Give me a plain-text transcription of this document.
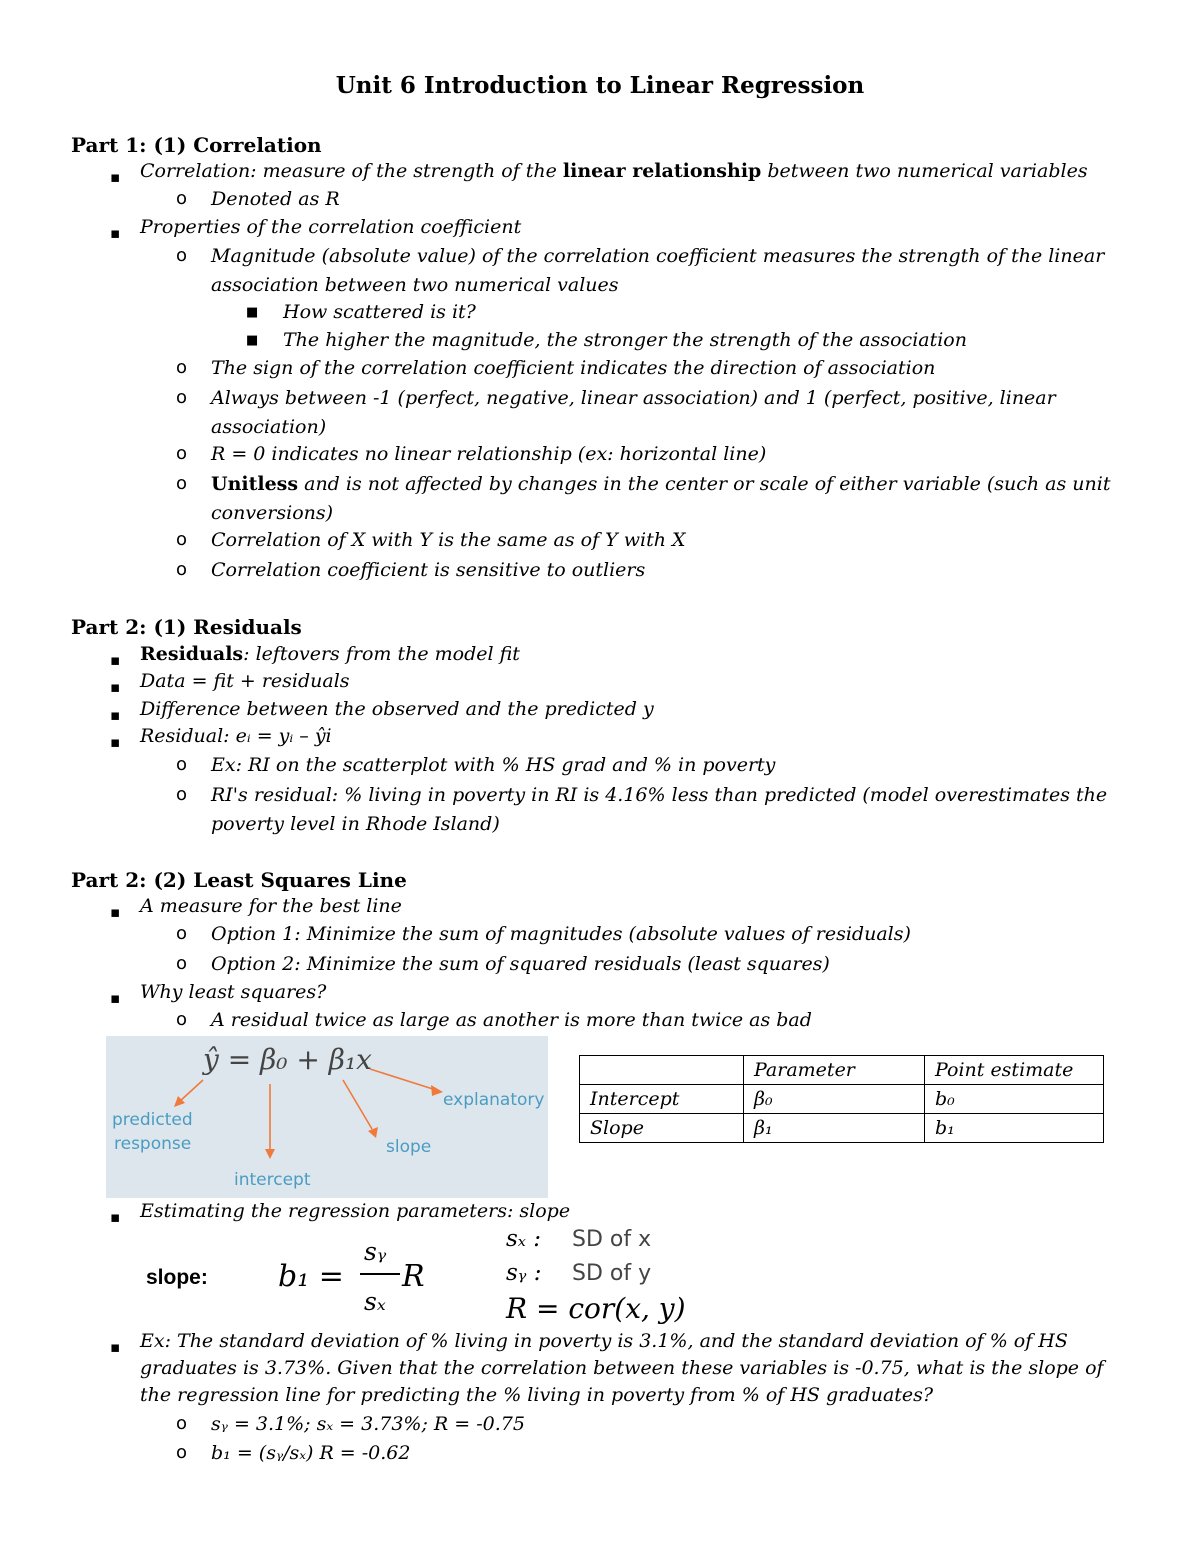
Unit 6 Introduction to Linear Regression
Part 1: (1) Correlation
▪ Correlation: measure of the strength of the linear relationship between two numerical variables
o Denoted as R
▪ Properties of the correlation coefficient
o Magnitude (absolute value) of the correlation coefficient measures the strength of the linear
association between two numerical values
■ How scattered is it?
■ The higher the magnitude, the stronger the strength of the association
o The sign of the correlation coefficient indicates the direction of association
o Always between -1 (perfect, negative, linear association) and 1 (perfect, positive, linear
association)
o R = 0 indicates no linear relationship (ex: horizontal line)
o Unitless and is not affected by changes in the center or scale of either variable (such as unit
conversions)
o Correlation of X with Y is the same as of Y with X
o Correlation coefficient is sensitive to outliers
Part 2: (1) Residuals
▪ Residuals: leftovers from the model fit
▪ Data = fit + residuals
▪ Difference between the observed and the predicted y
▪ Residual: eᵢ = yᵢ – ŷi
o Ex: RI on the scatterplot with % HS grad and % in poverty
o RI's residual: % living in poverty in RI is 4.16% less than predicted (model overestimates the
poverty level in Rhode Island)
Part 2: (2) Least Squares Line
▪ A measure for the best line
o Option 1: Minimize the sum of magnitudes (absolute values of residuals)
o Option 2: Minimize the sum of squared residuals (least squares)
▪ Why least squares?
o A residual twice as large as another is more than twice as bad
ŷ = β₀ + β₁x
predicted
response
intercept
slope
explanatory
	Parameter	Point estimate
Intercept	β₀	b₀
Slope	β₁	b₁
▪ Estimating the regression parameters: slope
slope: b₁ =
sᵧ
sₓ
R
sₓ : SD of x
sᵧ : SD of y
R = cor(x, y)
▪ Ex: The standard deviation of % living in poverty is 3.1%, and the standard deviation of % of HS
graduates is 3.73%. Given that the correlation between these variables is -0.75, what is the slope of
the regression line for predicting the % living in poverty from % of HS graduates?
o sᵧ = 3.1%; sₓ = 3.73%; R = -0.75
o b₁ = (sᵧ/sₓ) R = -0.62
